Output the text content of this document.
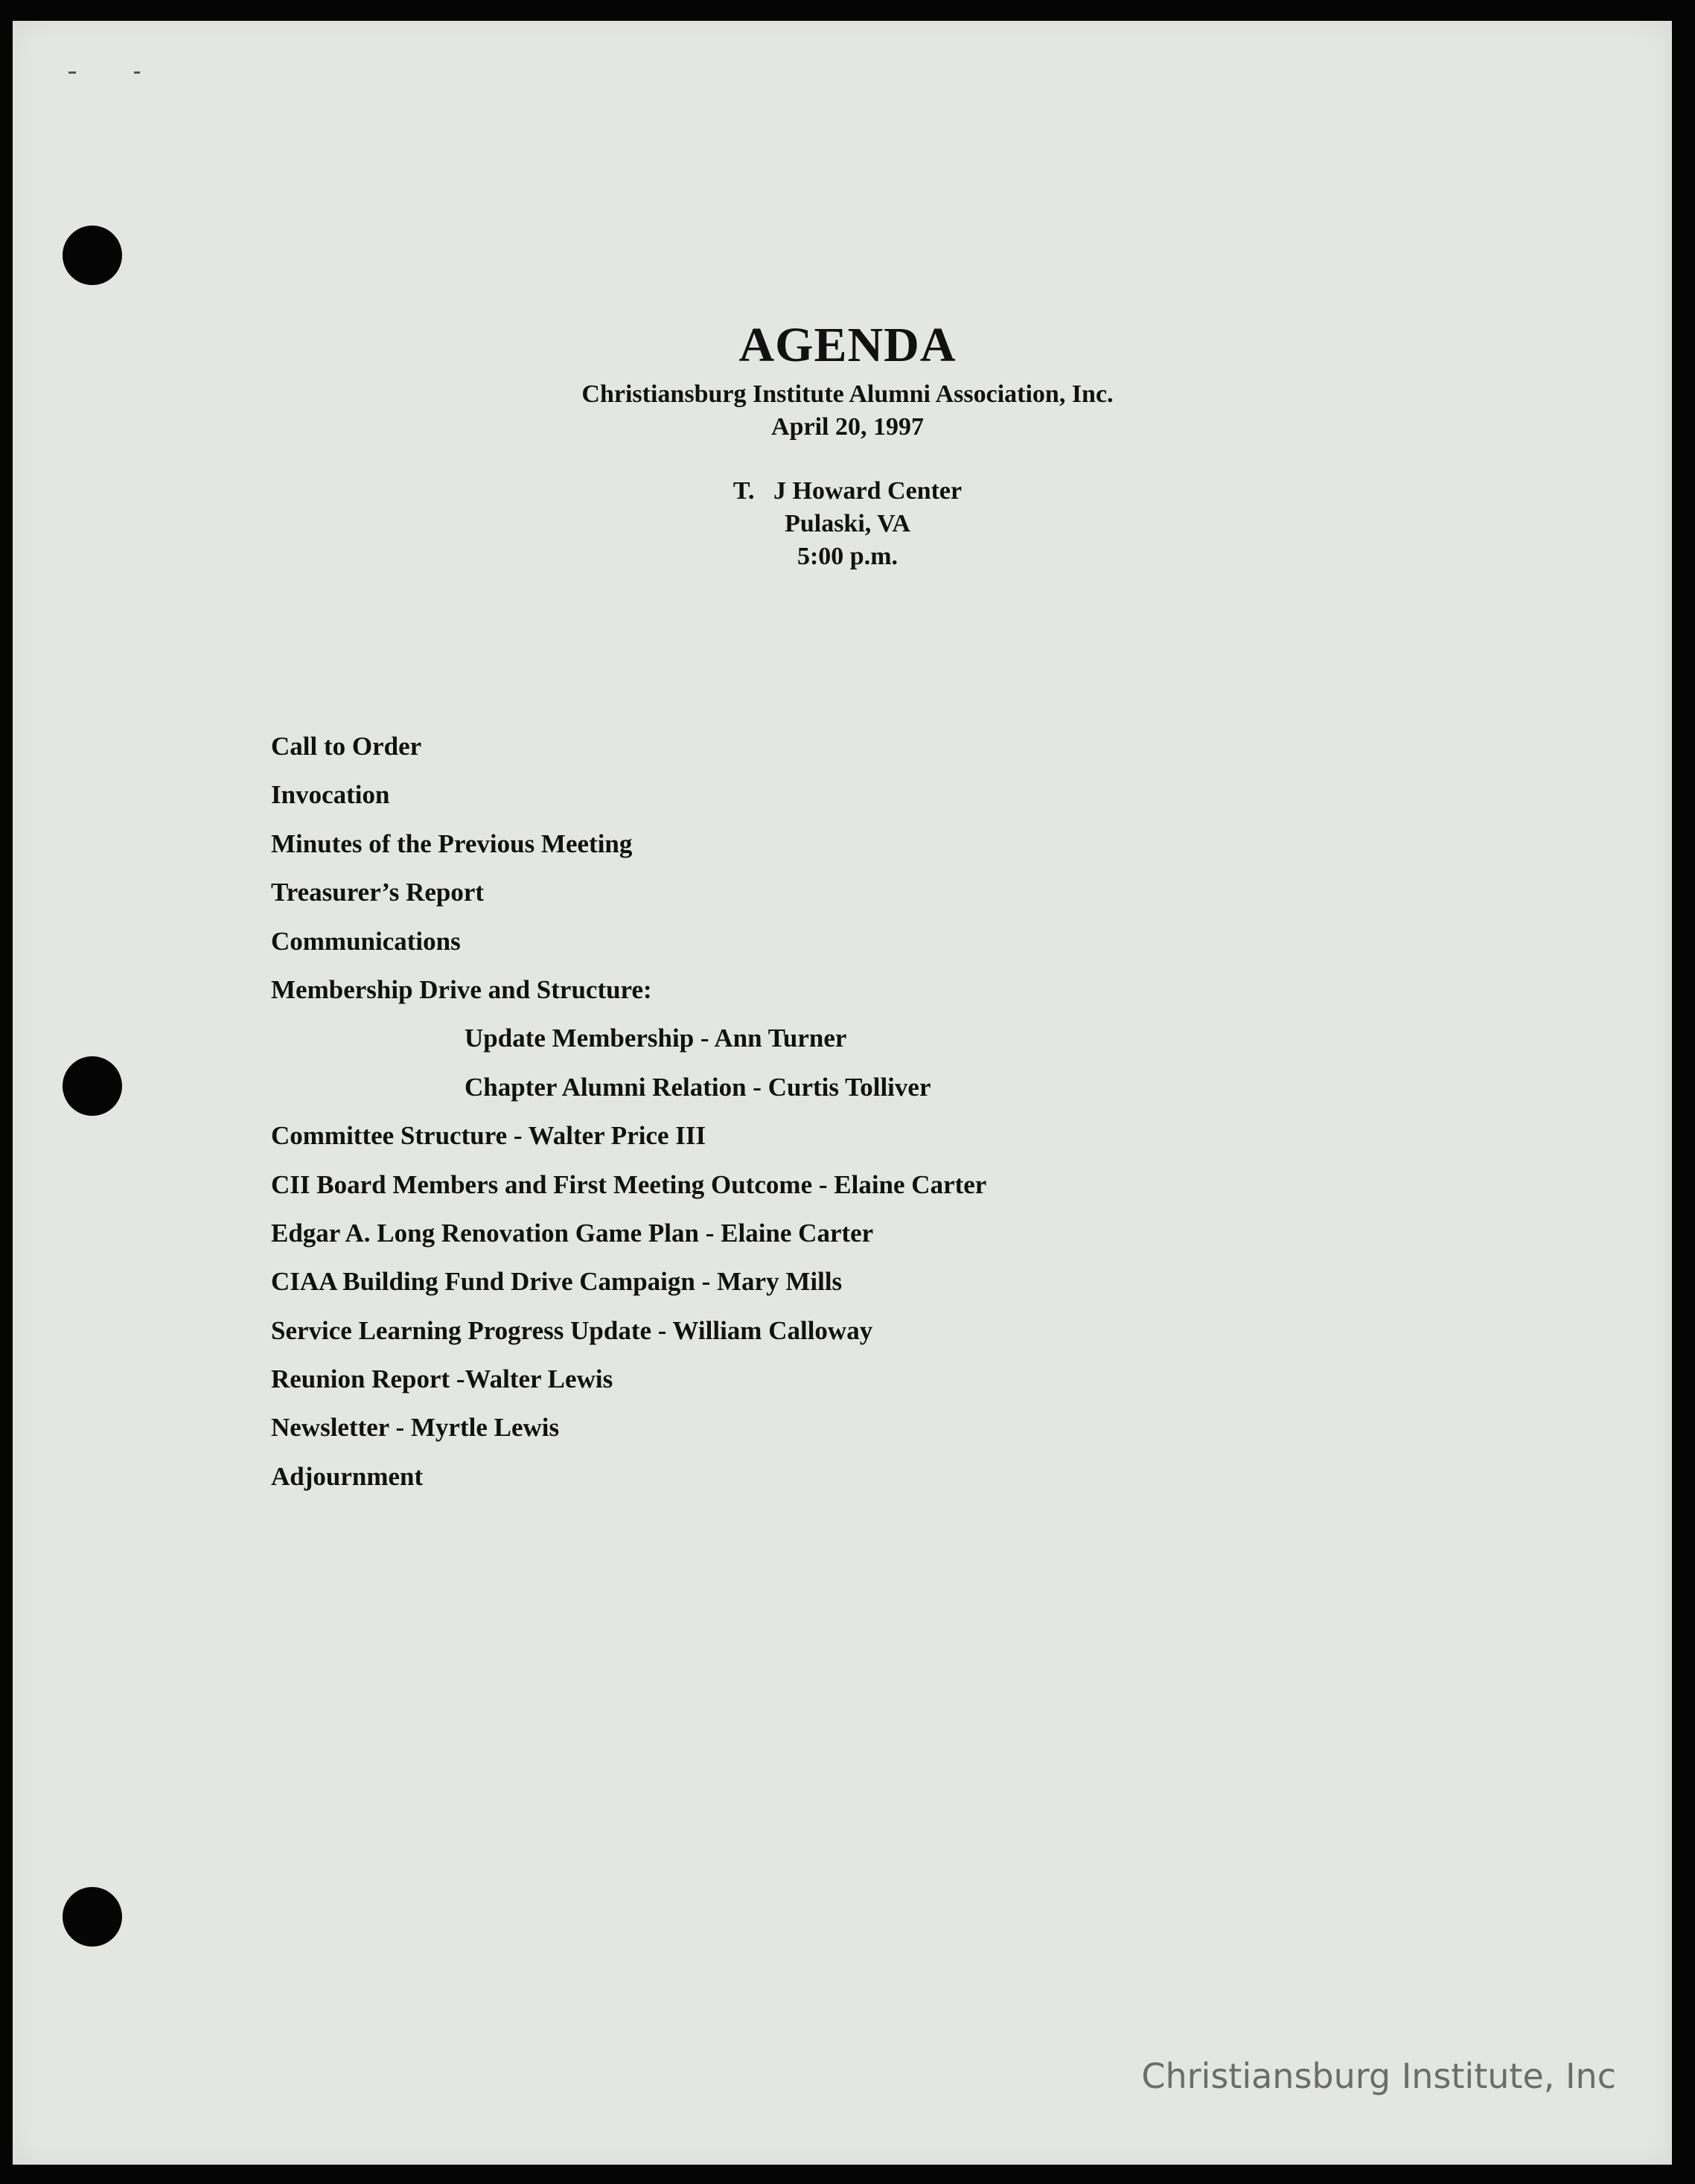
AGENDA
Christiansburg Institute Alumni Association, Inc.
April 20, 1997
T.   J Howard Center
Pulaski, VA
5:00 p.m.
Call to Order
Invocation
Minutes of the Previous Meeting
Treasurer’s Report
Communications
Membership Drive and Structure:
Update Membership - Ann Turner
Chapter Alumni Relation - Curtis Tolliver
Committee Structure - Walter Price III
CII Board Members and First Meeting Outcome - Elaine Carter
Edgar A. Long Renovation Game Plan - Elaine Carter
CIAA Building Fund Drive Campaign - Mary Mills
Service Learning Progress Update - William Calloway
Reunion Report -Walter Lewis
Newsletter - Myrtle Lewis
Adjournment
Christiansburg Institute, Inc
